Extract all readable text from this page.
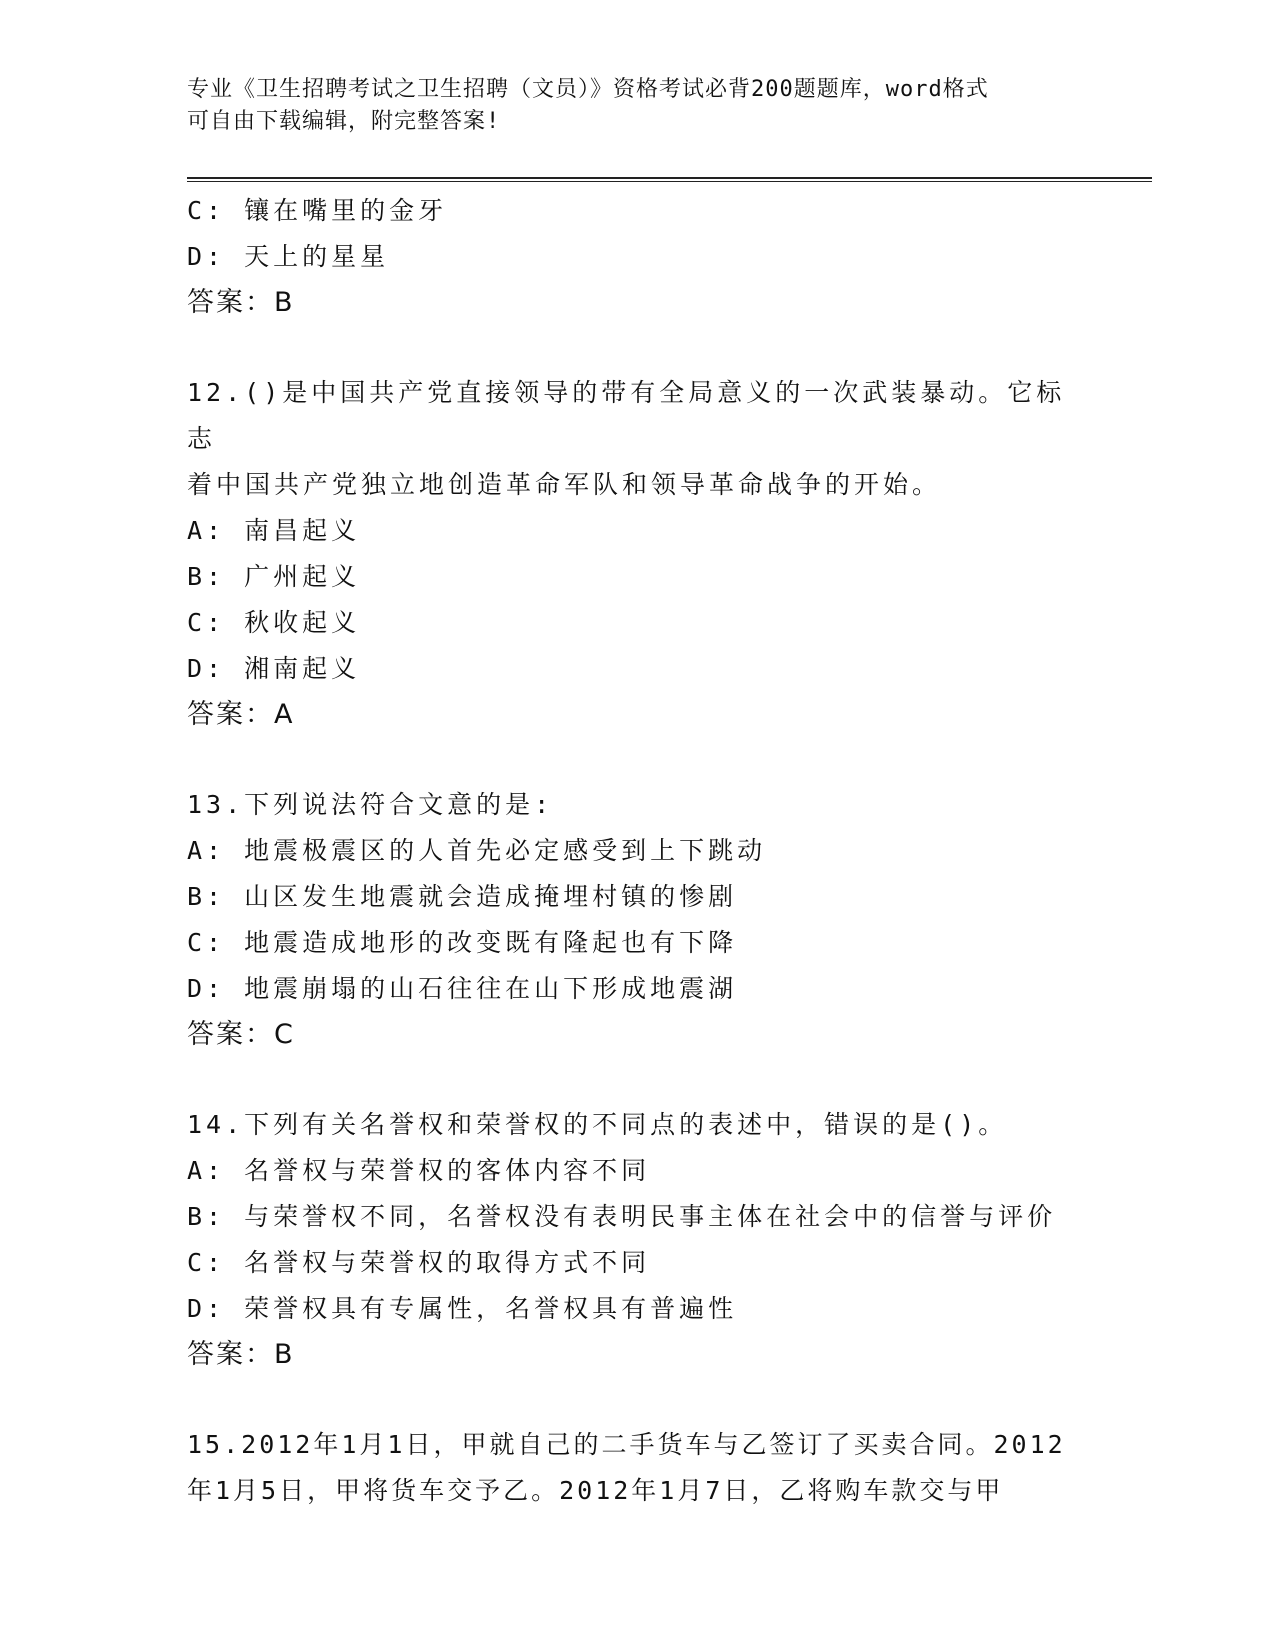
专业《卫生招聘考试之卫生招聘（文员）》资格考试必背200题题库，word格式
可自由下载编辑，附完整答案!
C: 镶在嘴里的金牙
D: 天上的星星
答案：B
12.()是中国共产党直接领导的带有全局意义的一次武装暴动。它标志
着中国共产党独立地创造革命军队和领导革命战争的开始。
A: 南昌起义
B: 广州起义
C: 秋收起义
D: 湘南起义
答案：A
13.下列说法符合文意的是:
A: 地震极震区的人首先必定感受到上下跳动
B: 山区发生地震就会造成掩埋村镇的惨剧
C: 地震造成地形的改变既有隆起也有下降
D: 地震崩塌的山石往往在山下形成地震湖
答案：C
14.下列有关名誉权和荣誉权的不同点的表述中，错误的是()。
A: 名誉权与荣誉权的客体内容不同
B: 与荣誉权不同，名誉权没有表明民事主体在社会中的信誉与评价
C: 名誉权与荣誉权的取得方式不同
D: 荣誉权具有专属性，名誉权具有普遍性
答案：B
15.2012年1月1日，甲就自己的二手货车与乙签订了买卖合同。2012
年1月5日，甲将货车交予乙。2012年1月7日，乙将购车款交与甲
